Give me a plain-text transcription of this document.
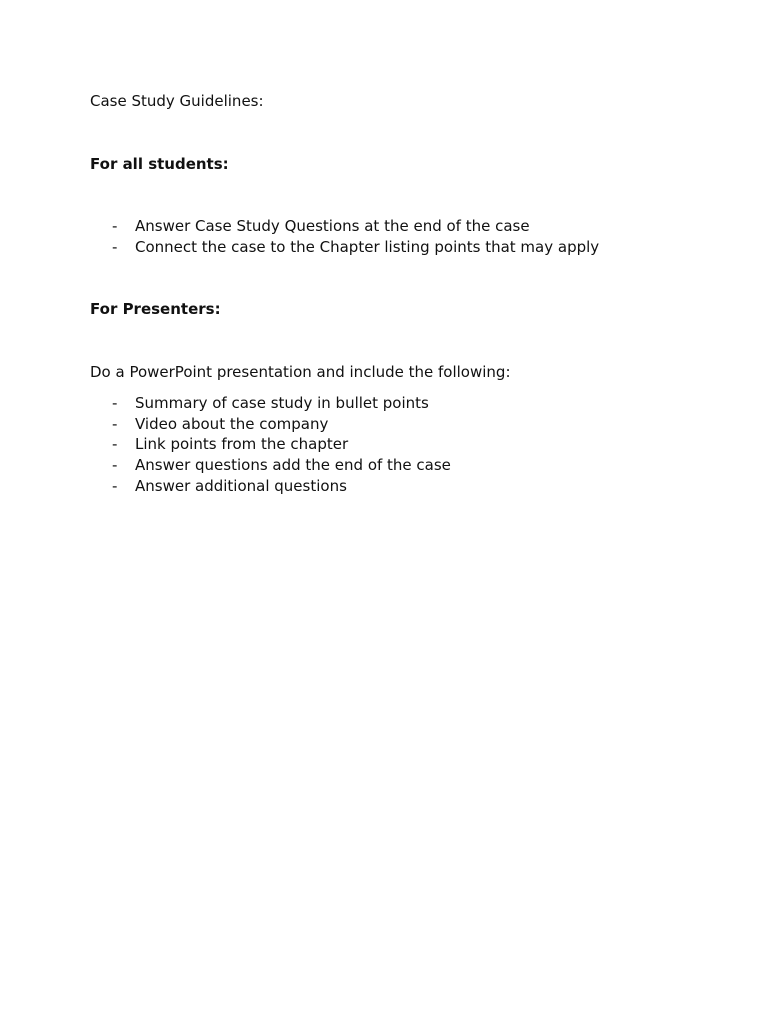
Case Study Guidelines:
For all students:
- Answer Case Study Questions at the end of the case
- Connect the case to the Chapter listing points that may apply
For Presenters:
Do a PowerPoint presentation and include the following:
- Summary of case study in bullet points
- Video about the company
- Link points from the chapter
- Answer questions add the end of the case
- Answer additional questions
